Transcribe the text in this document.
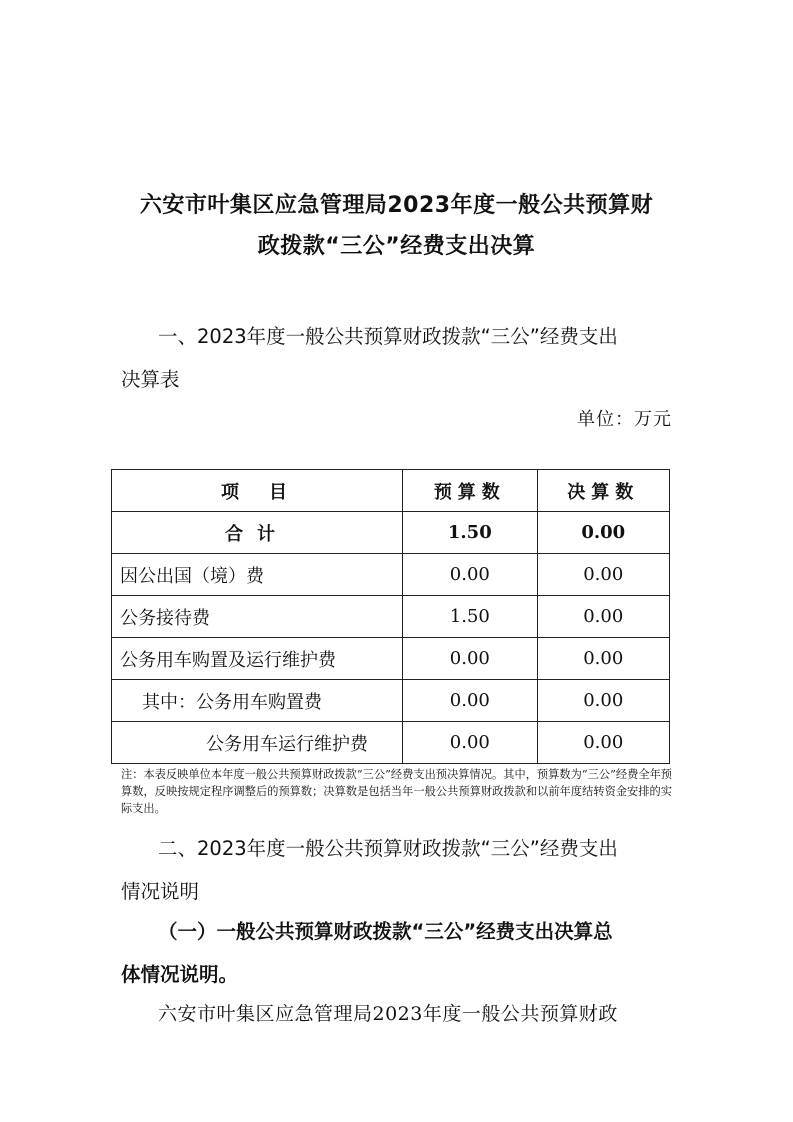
六安市叶集区应急管理局2023年度一般公共预算财
政拨款“三公”经费支出决算
一、2023年度一般公共预算财政拨款“三公”经费支出
决算表
单位：万元
项　目	预算数	决算数
合计	1.50	0.00
因公出国（境）费	0.00	0.00
公务接待费	1.50	0.00
公务用车购置及运行维护费	0.00	0.00
其中：公务用车购置费	0.00	0.00
公务用车运行维护费	0.00	0.00
注：本表反映单位本年度一般公共预算财政拨款“三公”经费支出预决算情况。其中，预算数为“三公”经费全年预算数，反映按规定程序调整后的预算数；决算数是包括当年一般公共预算财政拨款和以前年度结转资金安排的实际支出。
二、2023年度一般公共预算财政拨款“三公”经费支出
情况说明
（一）一般公共预算财政拨款“三公”经费支出决算总
体情况说明。
六安市叶集区应急管理局2023年度一般公共预算财政
